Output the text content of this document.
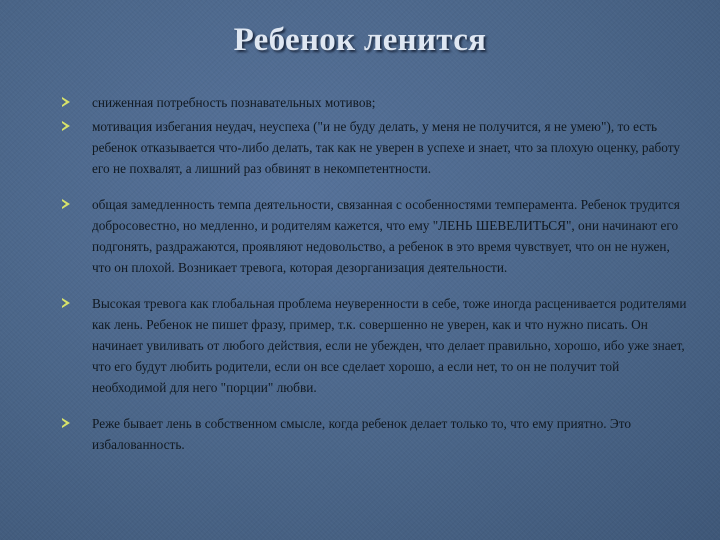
Ребенок ленится
сниженная потребность познавательных мотивов;
мотивация избегания неудач, неуспеха ("и не буду делать, у меня не получится, я не умею"), то есть ребенок отказывается что-либо делать, так как не уверен в успехе и знает, что за плохую оценку, работу его не похвалят, а лишний раз обвинят в некомпетентности.
общая замедленность темпа деятельности, связанная с особенностями темперамента. Ребенок трудится добросовестно, но медленно, и родителям кажется, что ему "ЛЕНЬ ШЕВЕЛИТЬСЯ", они начинают его подгонять, раздражаются, проявляют недовольство, а ребенок в это время чувствует, что он не нужен, что он плохой. Возникает тревога, которая дезорганизация деятельности.
Высокая тревога как глобальная проблема неуверенности в себе, тоже иногда расценивается родителями как лень. Ребенок не пишет фразу, пример, т.к. совершенно не уверен, как и что нужно писать. Он начинает увиливать от любого действия, если не убежден, что делает правильно, хорошо, ибо уже знает, что его будут любить родители, если он все сделает хорошо, а если нет, то он не получит той необходимой для него "порции" любви.
Реже бывает лень в собственном смысле, когда ребенок делает только то, что ему приятно. Это избалованность.
